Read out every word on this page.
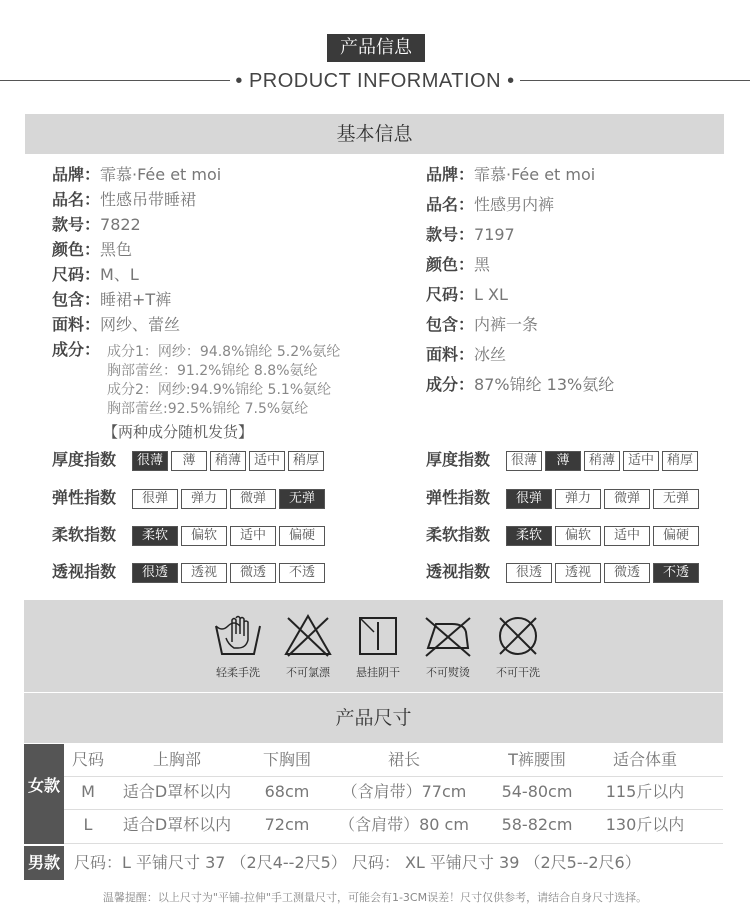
产品信息
• PRODUCT INFORMATION •
基本信息
品牌：霏慕·Fée et moi
品名：性感吊带睡裙
款号：7822
颜色：黑色
尺码：M、L
包含：睡裙+T裤
面料：网纱、蕾丝
成分： 成分1：网纱：94.8%锦纶 5.2%氨纶
胸部蕾丝：91.2%锦纶 8.8%氨纶
成分2：网纱:94.9%锦纶 5.1%氨纶
胸部蕾丝:92.5%锦纶 7.5%氨纶
【两种成分随机发货】
品牌：霏慕·Fée et moi
品名：性感男内裤
款号：7197
颜色：黑
尺码：L XL
包含：内裤一条
面料：冰丝
成分：87%锦纶 13%氨纶
厚度指数	很薄	薄	稍薄 适中 稍厚
弹性指数	很弹	弹力	微弹	无弹
柔软指数	柔软	偏软	适中	偏硬
透视指数	很透	透视	微透	不透
厚度指数	很薄	薄	稍薄 适中 稍厚
弹性指数	很弹	弹力	微弹	无弹
柔软指数	柔软	偏软	适中	偏硬
透视指数	很透	透视	微透	不透
轻柔手洗	不可氯漂	悬挂阴干	不可熨烫	不可干洗
产品尺寸
女款
尺码	上胸部	下胸围	裙长	T裤腰围	适合体重
M	适合D罩杯以内	68cm	（含肩带）77cm	54-80cm	115斤以内
L	适合D罩杯以内	72cm	（含肩带）80 cm	58-82cm	130斤以内
男款 尺码：L 平铺尺寸 37 （2尺4--2尺5） 尺码： XL 平铺尺寸 39 （2尺5--2尺6）
温馨提醒：以上尺寸为"平铺-拉伸"手工测量尺寸，可能会有1-3CM误差！尺寸仅供参考，请结合自身尺寸选择。
